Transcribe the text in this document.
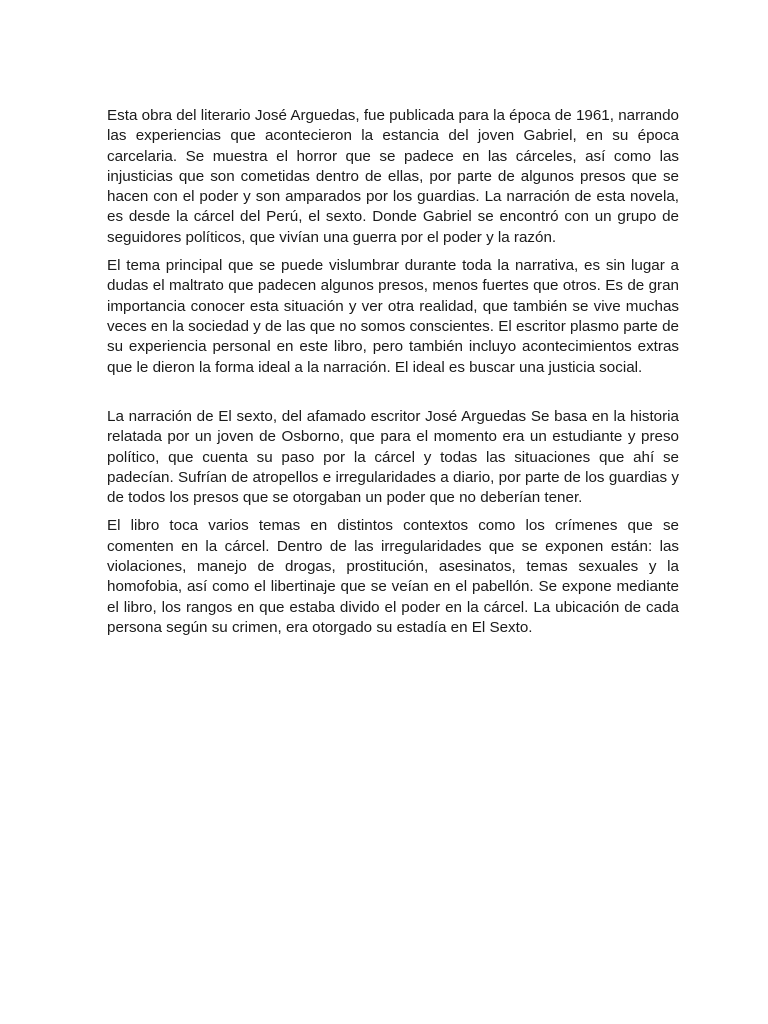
Esta obra del literario José Arguedas, fue publicada para la época de 1961, narrando las experiencias que acontecieron la estancia del joven Gabriel, en su época carcelaria. Se muestra el horror que se padece en las cárceles, así como las injusticias que son cometidas dentro de ellas, por parte de algunos presos que se hacen con el poder y son amparados por los guardias. La narración de esta novela, es desde la cárcel del Perú, el sexto. Donde Gabriel se encontró con un grupo de seguidores políticos, que vivían una guerra por el poder y la razón.

El tema principal que se puede vislumbrar durante toda la narrativa, es sin lugar a dudas el maltrato que padecen algunos presos, menos fuertes que otros. Es de gran importancia conocer esta situación y ver otra realidad, que también se vive muchas veces en la sociedad y de las que no somos conscientes. El escritor plasmo parte de su experiencia personal en este libro, pero también incluyo acontecimientos extras que le dieron la forma ideal a la narración. El ideal es buscar una justicia social.

La narración de El sexto, del afamado escritor José Arguedas Se basa en la historia relatada por un joven de Osborno, que para el momento era un estudiante y preso político, que cuenta su paso por la cárcel y todas las situaciones que ahí se padecían. Sufrían de atropellos e irregularidades a diario, por parte de los guardias y de todos los presos que se otorgaban un poder que no deberían tener.

El libro toca varios temas en distintos contextos como los crímenes que se comenten en la cárcel. Dentro de las irregularidades que se exponen están: las violaciones, manejo de drogas, prostitución, asesinatos, temas sexuales y la homofobia, así como el libertinaje que se veían en el pabellón. Se expone mediante el libro, los rangos en que estaba divido el poder en la cárcel. La ubicación de cada persona según su crimen, era otorgado su estadía en El Sexto.
